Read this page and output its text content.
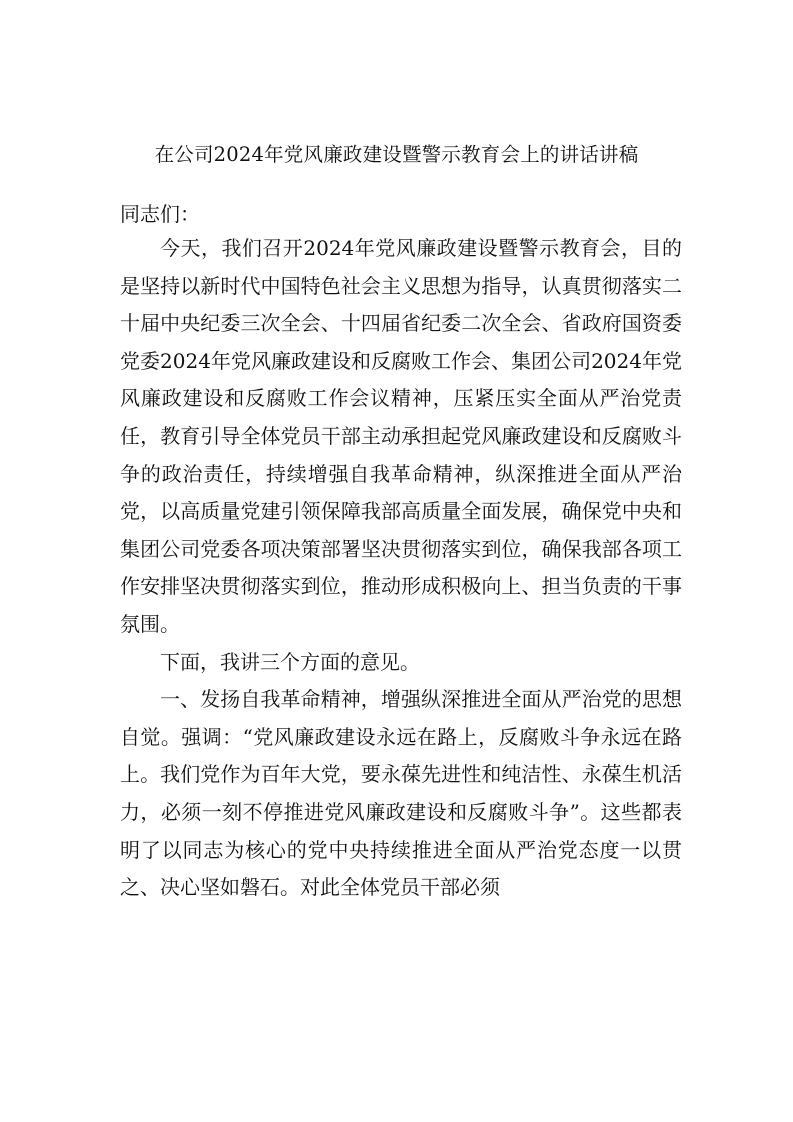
在公司2024年党风廉政建设暨警示教育会上的讲话讲稿
同志们：

今天，我们召开2024年党风廉政建设暨警示教育会，目的是坚持以新时代中国特色社会主义思想为指导，认真贯彻落实二十届中央纪委三次全会、十四届省纪委二次全会、省政府国资委党委2024年党风廉政建设和反腐败工作会、集团公司2024年党风廉政建设和反腐败工作会议精神，压紧压实全面从严治党责任，教育引导全体党员干部主动承担起党风廉政建设和反腐败斗争的政治责任，持续增强自我革命精神，纵深推进全面从严治党，以高质量党建引领保障我部高质量全面发展，确保党中央和集团公司党委各项决策部署坚决贯彻落实到位，确保我部各项工作安排坚决贯彻落实到位，推动形成积极向上、担当负责的干事氛围。

下面，我讲三个方面的意见。

一、发扬自我革命精神，增强纵深推进全面从严治党的思想自觉。强调：“党风廉政建设永远在路上，反腐败斗争永远在路上。我们党作为百年大党，要永葆先进性和纯洁性、永葆生机活力，必须一刻不停推进党风廉政建设和反腐败斗争”。这些都表明了以同志为核心的党中央持续推进全面从严治党态度一以贯之、决心坚如磐石。对此全体党员干部必须
